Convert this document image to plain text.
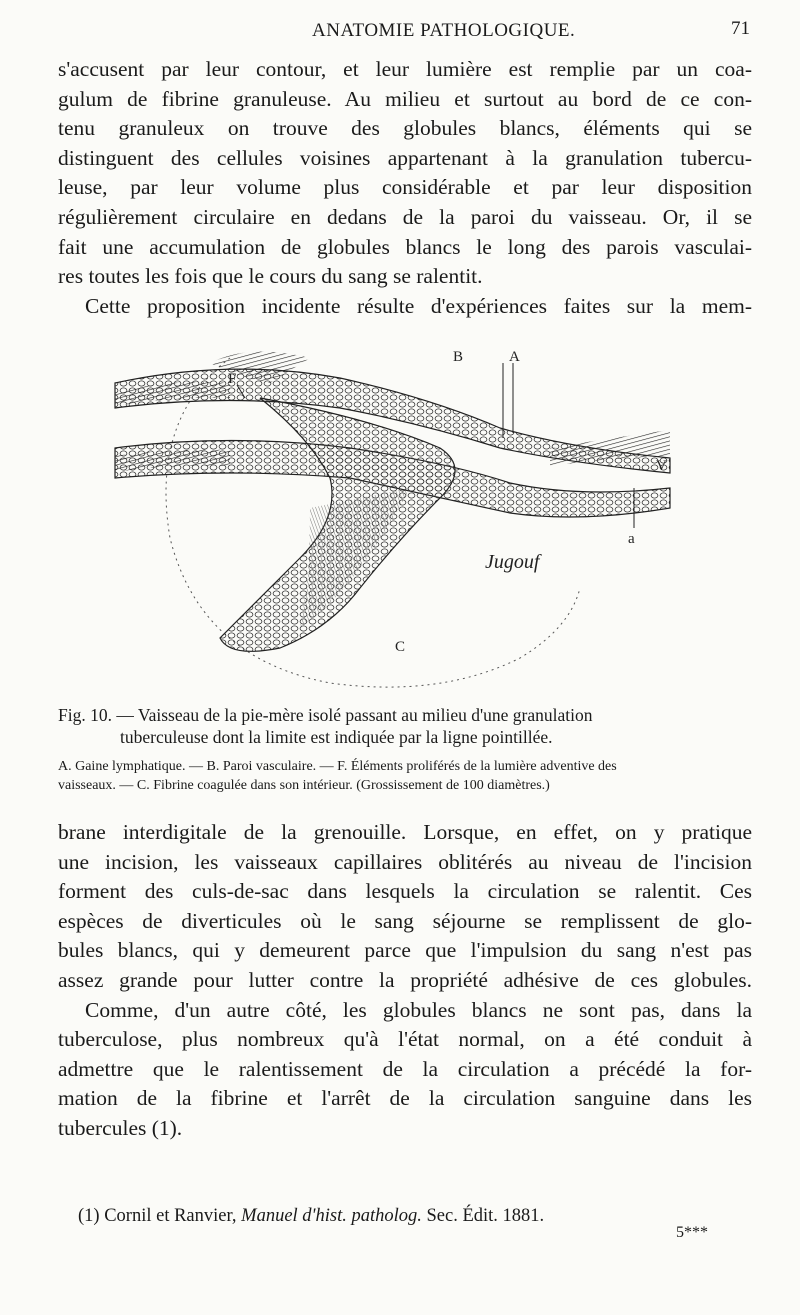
ANATOMIE PATHOLOGIQUE.	71

s'accusent par leur contour, et leur lumière est remplie par un coa-
gulum de fibrine granuleuse. Au milieu et surtout au bord de ce con-
tenu granuleux on trouve des globules blancs, éléments qui se
distinguent des cellules voisines appartenant à la granulation tubercu-
leuse, par leur volume plus considérable et par leur disposition
régulièrement circulaire en dedans de la paroi du vaisseau. Or, il se
fait une accumulation de globules blancs le long des parois vasculai-
res toutes les fois que le cours du sang se ralentit.
Cette proposition incidente résulte d'expériences faites sur la mem-

B	A
F
V
a
C
Jugouf

Fig. 10. — Vaisseau de la pie-mère isolé passant au milieu d'une granulation
tuberculeuse dont la limite est indiquée par la ligne pointillée.

A. Gaine lymphatique. — B. Paroi vasculaire. — F. Éléments proliférés de la lumière adventive des
vaisseaux. — C. Fibrine coagulée dans son intérieur. (Grossissement de 100 diamètres.)

brane interdigitale de la grenouille. Lorsque, en effet, on y pratique
une incision, les vaisseaux capillaires oblitérés au niveau de l'incision
forment des culs-de-sac dans lesquels la circulation se ralentit. Ces
espèces de diverticules où le sang séjourne se remplissent de glo-
bules blancs, qui y demeurent parce que l'impulsion du sang n'est pas
assez grande pour lutter contre la propriété adhésive de ces globules.
Comme, d'un autre côté, les globules blancs ne sont pas, dans la
tuberculose, plus nombreux qu'à l'état normal, on a été conduit à
admettre que le ralentissement de la circulation a précédé la for-
mation de la fibrine et l'arrêt de la circulation sanguine dans les
tubercules (1).

(1) Cornil et Ranvier, Manuel d'hist. patholog. Sec. Édit. 1881.

5***
